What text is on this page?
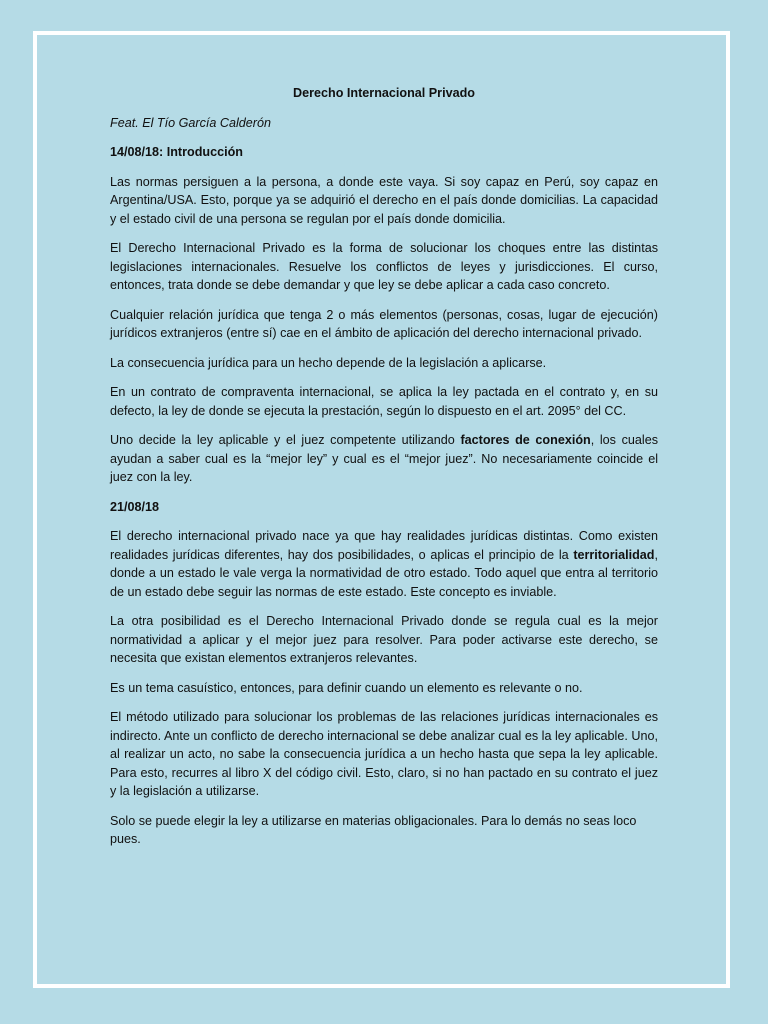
Derecho Internacional Privado
Feat. El Tío García Calderón
14/08/18: Introducción

Las normas persiguen a la persona, a donde este vaya. Si soy capaz en Perú, soy capaz en Argentina/USA. Esto, porque ya se adquirió el derecho en el país donde domicilias. La capacidad y el estado civil de una persona se regulan por el país donde domicilia.

El Derecho Internacional Privado es la forma de solucionar los choques entre las distintas legislaciones internacionales. Resuelve los conflictos de leyes y jurisdicciones. El curso, entonces, trata donde se debe demandar y que ley se debe aplicar a cada caso concreto.

Cualquier relación jurídica que tenga 2 o más elementos (personas, cosas, lugar de ejecución) jurídicos extranjeros (entre sí) cae en el ámbito de aplicación del derecho internacional privado.

La consecuencia jurídica para un hecho depende de la legislación a aplicarse.

En un contrato de compraventa internacional, se aplica la ley pactada en el contrato y, en su defecto, la ley de donde se ejecuta la prestación, según lo dispuesto en el art. 2095° del CC.

Uno decide la ley aplicable y el juez competente utilizando factores de conexión, los cuales ayudan a saber cual es la “mejor ley” y cual es el “mejor juez”. No necesariamente coincide el juez con la ley.

21/08/18

El derecho internacional privado nace ya que hay realidades jurídicas distintas. Como existen realidades jurídicas diferentes, hay dos posibilidades, o aplicas el principio de la territorialidad, donde a un estado le vale verga la normatividad de otro estado. Todo aquel que entra al territorio de un estado debe seguir las normas de este estado. Este concepto es inviable.

La otra posibilidad es el Derecho Internacional Privado donde se regula cual es la mejor normatividad a aplicar y el mejor juez para resolver. Para poder activarse este derecho, se necesita que existan elementos extranjeros relevantes.

Es un tema casuístico, entonces, para definir cuando un elemento es relevante o no.

El método utilizado para solucionar los problemas de las relaciones jurídicas internacionales es indirecto. Ante un conflicto de derecho internacional se debe analizar cual es la ley aplicable. Uno, al realizar un acto, no sabe la consecuencia jurídica a un hecho hasta que sepa la ley aplicable. Para esto, recurres al libro X del código civil. Esto, claro, si no han pactado en su contrato el juez y la legislación a utilizarse.

Solo se puede elegir la ley a utilizarse en materias obligacionales. Para lo demás no seas loco pues.
